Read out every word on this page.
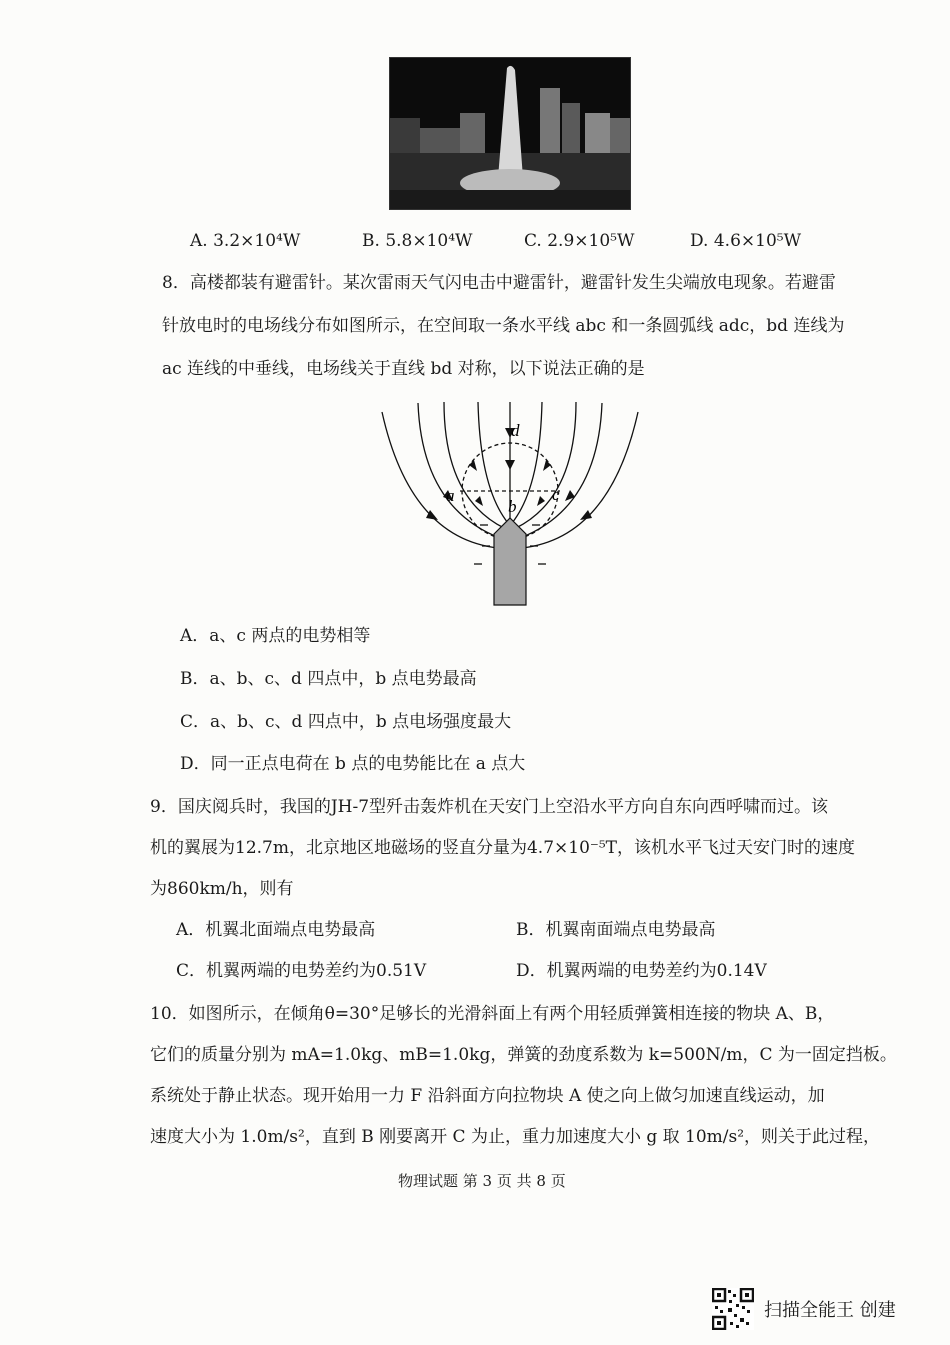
A. 3.2×10⁴W	B. 5.8×10⁴W	C. 2.9×10⁵W	D. 4.6×10⁵W
8．高楼都装有避雷针。某次雷雨天气闪电击中避雷针，避雷针发生尖端放电现象。若避雷
针放电时的电场线分布如图所示，在空间取一条水平线 abc 和一条圆弧线 adc，bd 连线为
ac 连线的中垂线，电场线关于直线 bd 对称，以下说法正确的是
d
a
b
c
A．a、c 两点的电势相等
B．a、b、c、d 四点中，b 点电势最高
C．a、b、c、d 四点中，b 点电场强度最大
D．同一正点电荷在 b 点的电势能比在 a 点大
9．国庆阅兵时，我国的JH-7型歼击轰炸机在天安门上空沿水平方向自东向西呼啸而过。该
机的翼展为12.7m，北京地区地磁场的竖直分量为4.7×10⁻⁵T，该机水平飞过天安门时的速度
为860km/h，则有
A．机翼北面端点电势最高	B．机翼南面端点电势最高
C．机翼两端的电势差约为0.51V	D．机翼两端的电势差约为0.14V
10．如图所示，在倾角θ=30°足够长的光滑斜面上有两个用轻质弹簧相连接的物块 A、B，
它们的质量分别为 mA=1.0kg、mB=1.0kg，弹簧的劲度系数为 k=500N/m，C 为一固定挡板。
系统处于静止状态。现开始用一力 F 沿斜面方向拉物块 A 使之向上做匀加速直线运动，加
速度大小为 1.0m/s²，直到 B 刚要离开 C 为止，重力加速度大小 g 取 10m/s²，则关于此过程，
物理试题 第 3 页 共 8 页
扫描全能王 创建
